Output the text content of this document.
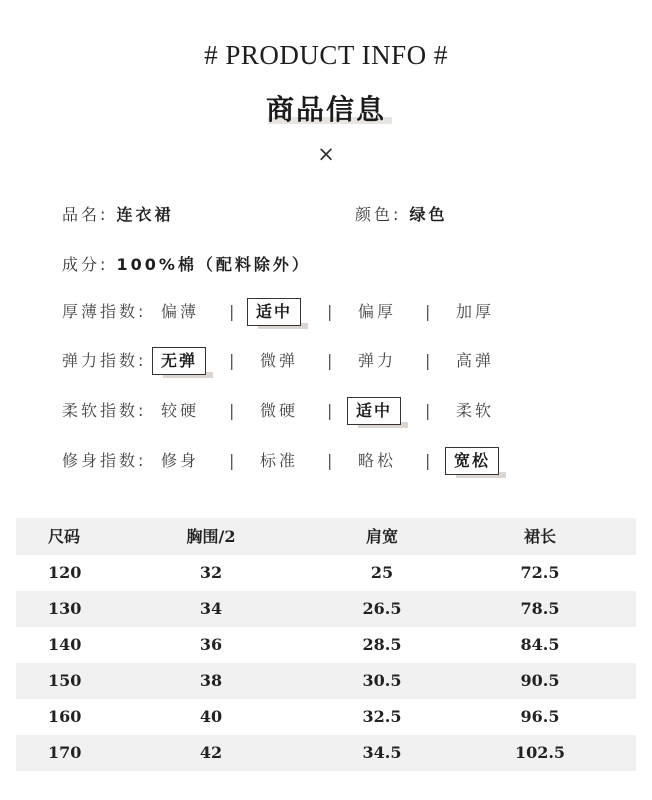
# PRODUCT INFO #
商品信息
×
品名: 连衣裙	颜色: 绿色
成分: 100%棉（配料除外）
厚薄指数: 偏薄 |	适中	| 偏厚 | 加厚
弹力指数: 无弹	| 微弹 | 弹力 | 高弹
柔软指数: 较硬 | 微硬 |	适中	| 柔软
修身指数: 修身 | 标准 | 略松 |	宽松
尺码	胸围/2	肩宽	裙长
120	32	25	72.5
130	34	26.5	78.5
140	36	28.5	84.5
150	38	30.5	90.5
160	40	32.5	96.5
170	42	34.5	102.5
